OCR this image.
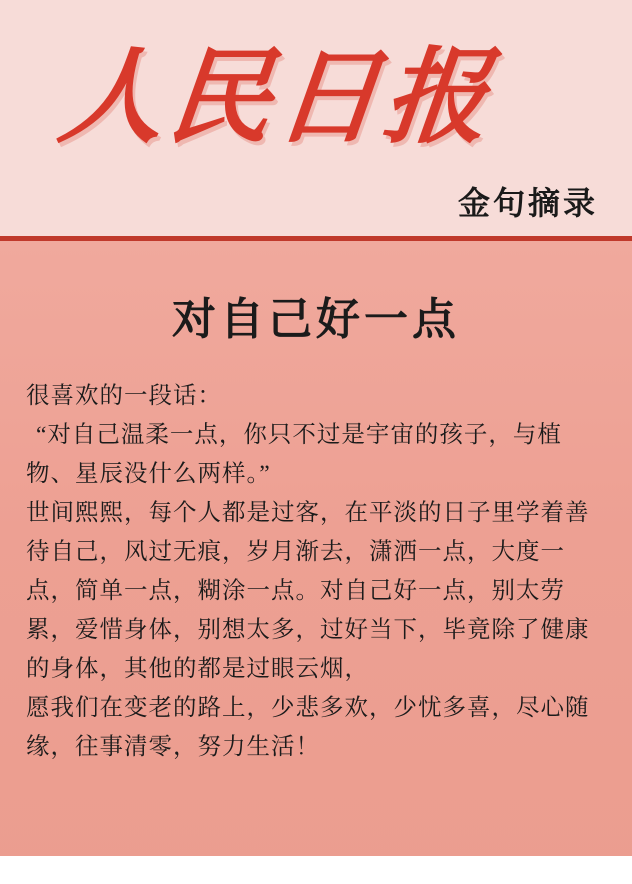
人民日报
金句摘录
对自己好一点

很喜欢的一段话：

“对自己温柔一点，你只不过是宇宙的孩子，与植物、星辰没什么两样。”

世间熙熙，每个人都是过客，在平淡的日子里学着善待自己，风过无痕，岁月渐去，潇洒一点，大度一点，简单一点，糊涂一点。对自己好一点，别太劳累，爱惜身体，别想太多，过好当下，毕竟除了健康的身体，其他的都是过眼云烟，

愿我们在变老的路上，少悲多欢，少忧多喜，尽心随缘，往事清零，努力生活！
